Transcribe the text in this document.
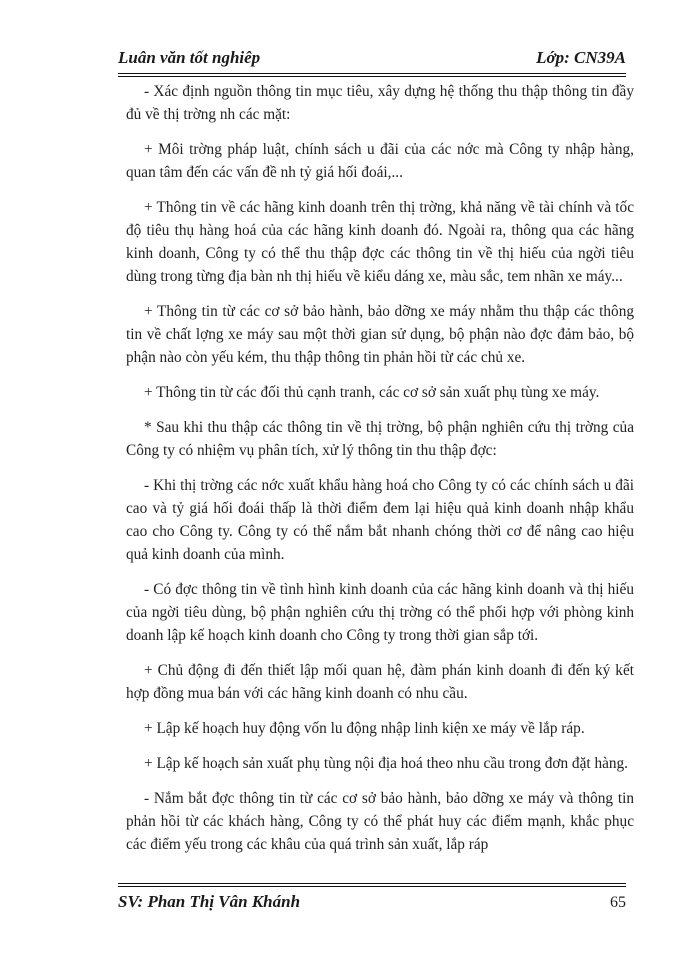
Luân văn tốt nghiêp	Lớp: CN39A

- Xác định nguồn thông tin mục tiêu, xây dựng hệ thống thu thập thông tin đầy đủ về thị trờng nh các mặt:

+ Môi trờng pháp luật, chính sách u đãi của các nớc mà Công ty nhập hàng, quan tâm đến các vấn đề nh tỷ giá hối đoái,...

+ Thông tin về các hãng kinh doanh trên thị trờng, khả năng về tài chính và tốc độ tiêu thụ hàng hoá của các hãng kinh doanh đó. Ngoài ra, thông qua các hãng kinh doanh, Công ty có thể thu thập đợc các thông tin về thị hiếu của ngời tiêu dùng trong từng địa bàn nh thị hiếu về kiểu dáng xe, màu sắc, tem nhãn xe máy...

+ Thông tin từ các cơ sở bảo hành, bảo dỡng xe máy nhằm thu thập các thông tin về chất lợng xe máy sau một thời gian sử dụng, bộ phận nào đợc đảm bảo, bộ phận nào còn yếu kém, thu thập thông tin phản hồi từ các chủ xe.

+ Thông tin từ các đối thủ cạnh tranh, các cơ sở sản xuất phụ tùng xe máy.

* Sau khi thu thập các thông tin về thị trờng, bộ phận nghiên cứu thị trờng của Công ty có nhiệm vụ phân tích, xử lý thông tin thu thập đợc:

- Khi thị trờng các nớc xuất khẩu hàng hoá cho Công ty có các chính sách u đãi cao và tỷ giá hối đoái thấp là thời điểm đem lại hiệu quả kinh doanh nhập khẩu cao cho Công ty. Công ty có thể nắm bắt nhanh chóng thời cơ để nâng cao hiệu quả kinh doanh của mình.

- Có đợc thông tin về tình hình kinh doanh của các hãng kinh doanh và thị hiếu của ngời tiêu dùng, bộ phận nghiên cứu thị trờng có thể phối hợp với phòng kinh doanh lập kế hoạch kinh doanh cho Công ty trong thời gian sắp tới.

+ Chủ động đi đến thiết lập mối quan hệ, đàm phán kinh doanh đi đến ký kết hợp đồng mua bán với các hãng kinh doanh có nhu cầu.

+ Lập kế hoạch huy động vốn lu động nhập linh kiện xe máy về lắp ráp.

+ Lập kế hoạch sản xuất phụ tùng nội địa hoá theo nhu cầu trong đơn đặt hàng.

- Nắm bắt đợc thông tin từ các cơ sở bảo hành, bảo dỡng xe máy và thông tin phản hồi từ các khách hàng, Công ty có thể phát huy các điểm mạnh, khắc phục các điểm yếu trong các khâu của quá trình sản xuất, lắp ráp

SV: Phan Thị Vân Khánh	65
